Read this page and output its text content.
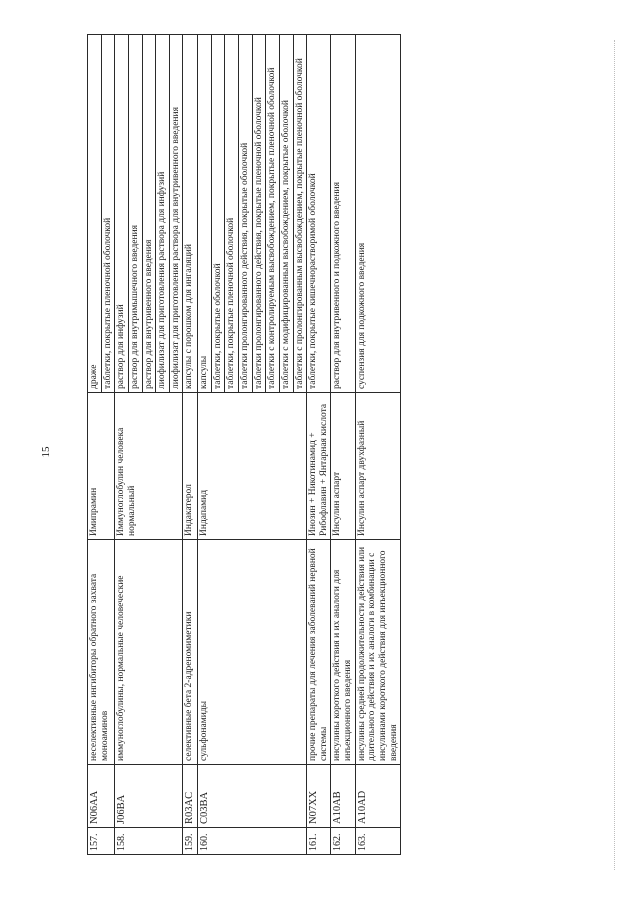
15
157.	N06AA	неселективные ингибиторы обратного захвата моноаминов	Имипрамин	драже
				таблетки, покрытые пленочной оболочкой
158.	J06BA	иммуноглобулины, нормальные человеческие	Иммуноглобулин человека нормальный	раствор для инфузий
				раствор для внутримышечного введения
				раствор для внутривенного введения
				лиофилизат для приготовления раствора для инфузий
				лиофилизат для приготовления раствора для внутривенного введения
159.	R03AC	селективные бета 2-адреномиметики	Индакатерол	капсулы с порошком для ингаляций
160.	C03BA	сульфонамиды	Индапамид	капсулы
				таблетки, покрытые оболочкой
				таблетки, покрытые пленочной оболочкой
				таблетки пролонгированного действия, покрытые оболочкой
				таблетки пролонгированного действия, покрытые пленочной оболочкой
				таблетки с контролируемым высвобождением, покрытые пленочной оболочкой
				таблетки с модифицированным высвобождением, покрытые оболочкой
				таблетки с пролонгированным высвобождением, покрытые пленочной оболочкой
161.	N07XX	прочие препараты для лечения заболеваний нервной системы	Инозин + Никотинамид + Рибофлавин + Янтарная кислота	таблетки, покрытые кишечнорастворимой оболочкой
162.	A10AB	инсулины короткого действия и их аналоги для инъекционного введения	Инсулин аспарт	раствор для внутривенного и подкожного введения
163.	A10AD	инсулины средней продолжительности действия или длительного действия и их аналоги в комбинации с инсулинами короткого действия для инъекционного введения	Инсулин аспарт двухфазный	суспензия для подкожного введения
